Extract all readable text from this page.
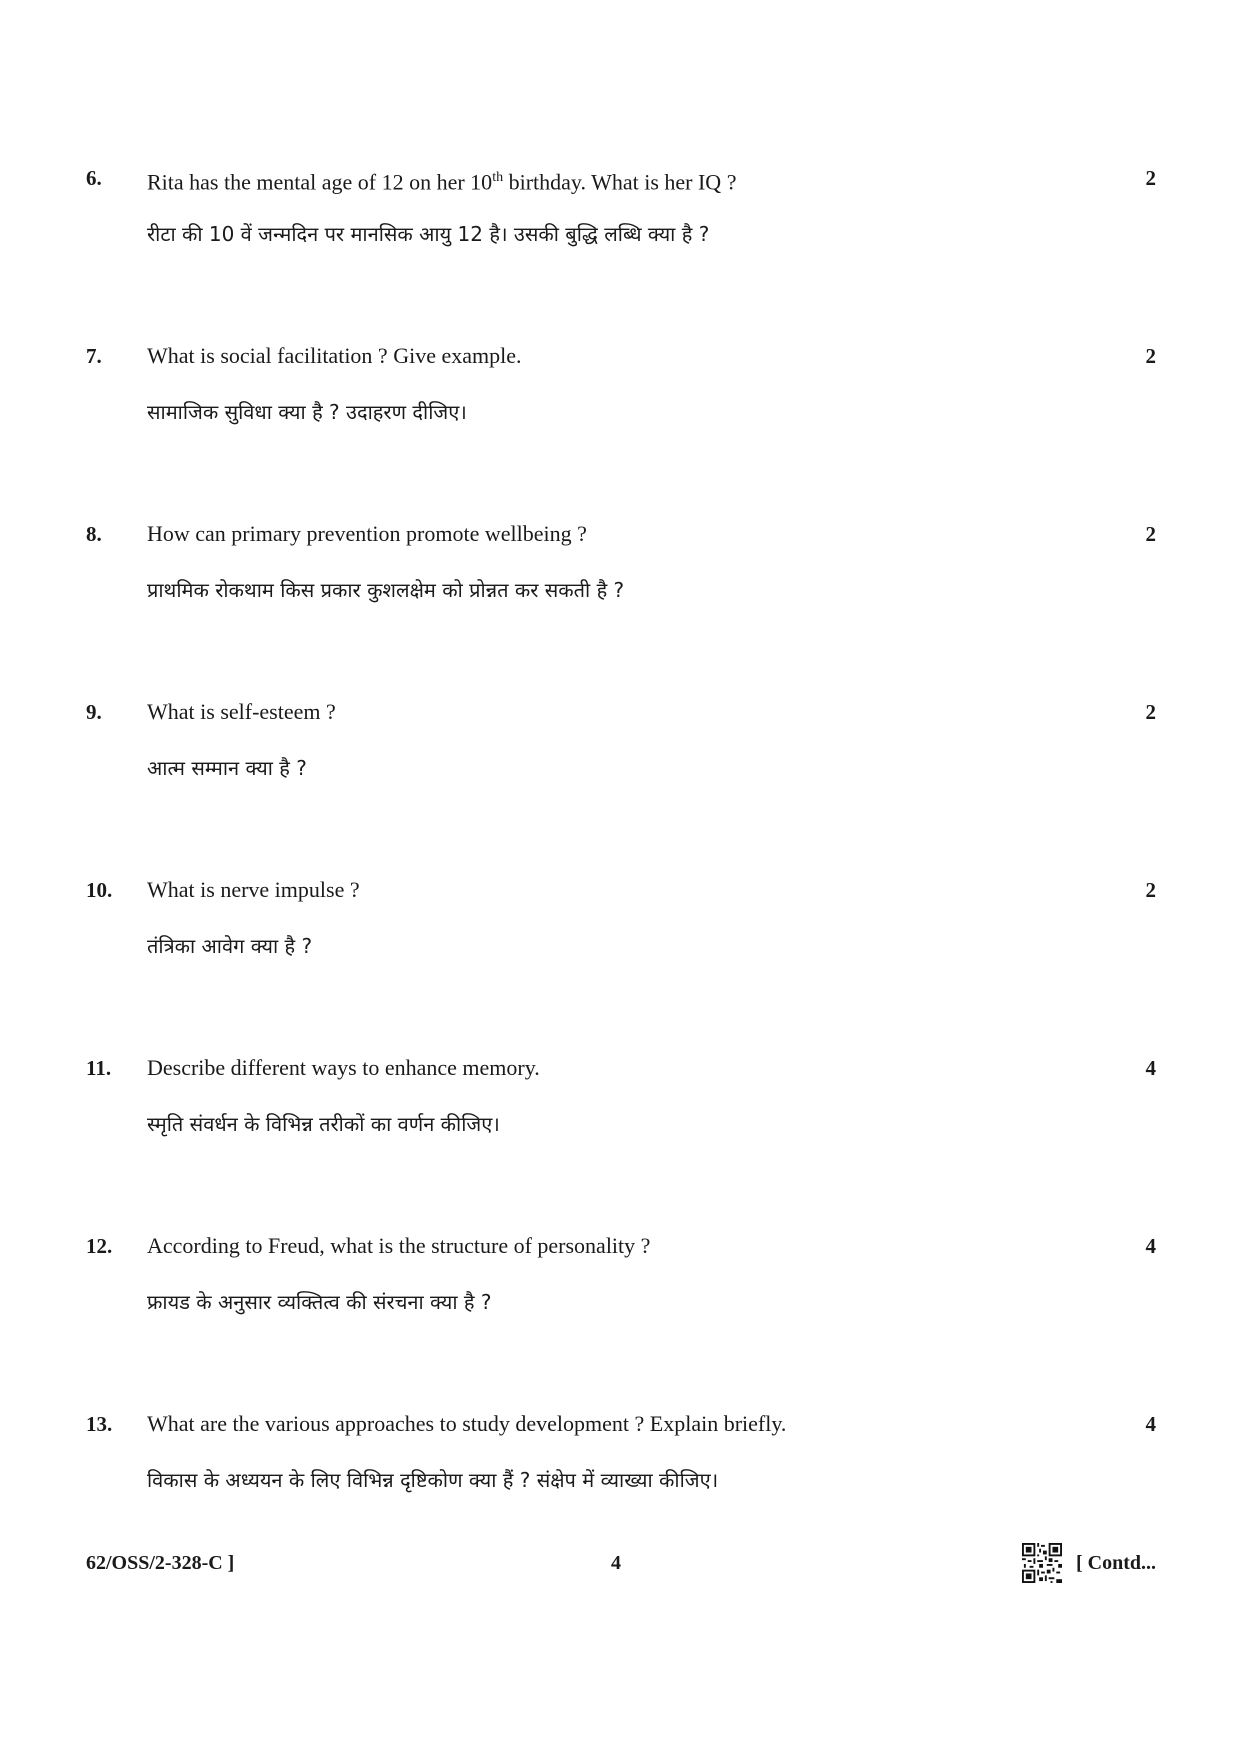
6. Rita has the mental age of 12 on her 10th birthday. What is her IQ ?	2
रीटा की 10 वें जन्मदिन पर मानसिक आयु 12 है। उसकी बुद्धि लब्धि क्या है ?
7. What is social facilitation ? Give example.	2
सामाजिक सुविधा क्या है ? उदाहरण दीजिए।
8. How can primary prevention promote wellbeing ?	2
प्राथमिक रोकथाम किस प्रकार कुशलक्षेम को प्रोन्नत कर सकती है ?
9. What is self-esteem ?	2
आत्म सम्मान क्या है ?
10. What is nerve impulse ?	2
तंत्रिका आवेग क्या है ?
11. Describe different ways to enhance memory.	4
स्मृति संवर्धन के विभिन्न तरीकों का वर्णन कीजिए।
12. According to Freud, what is the structure of personality ?	4
फ्रायड के अनुसार व्यक्तित्व की संरचना क्या है ?
13. What are the various approaches to study development ? Explain briefly.	4
विकास के अध्ययन के लिए विभिन्न दृष्टिकोण क्या हैं ? संक्षेप में व्याख्या कीजिए।
62/OSS/2-328-C ]	4	[ Contd...
